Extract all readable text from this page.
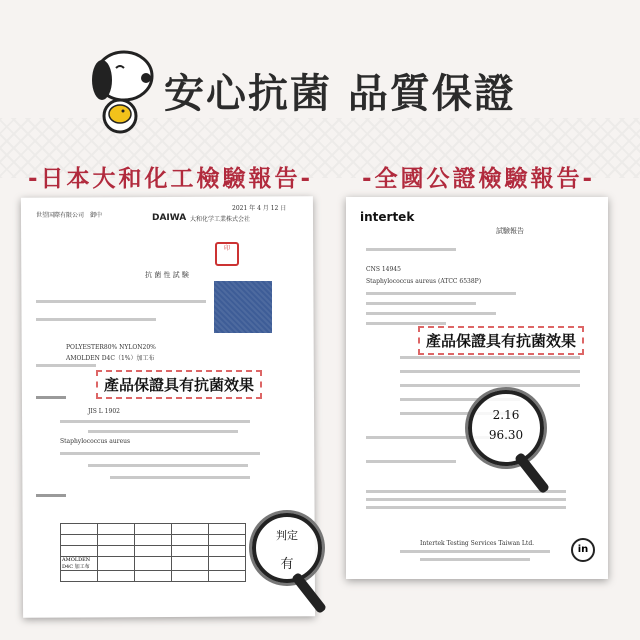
安心抗菌 品質保證
-日本大和化工檢驗報告- -全國公證檢驗報告-
世望国際有限公司　御中
2021 年 4 月 12 日
DAIWA 大和化学工業株式会社
印
抗 菌 性 試 験
POLYESTER80% NYLON20%
AMOLDEN D4C（1%）加工布
產品保證具有抗菌效果
JIS L 1902
Staphylococcus aureus

AMOLDEN D4C 加工布				

判定
有
intertek
試驗報告
CNS 14945
Staphylococcus aureus (ATCC 6538P)
產品保證具有抗菌效果
2.16
96.30
Intertek Testing Services Taiwan Ltd.
in
